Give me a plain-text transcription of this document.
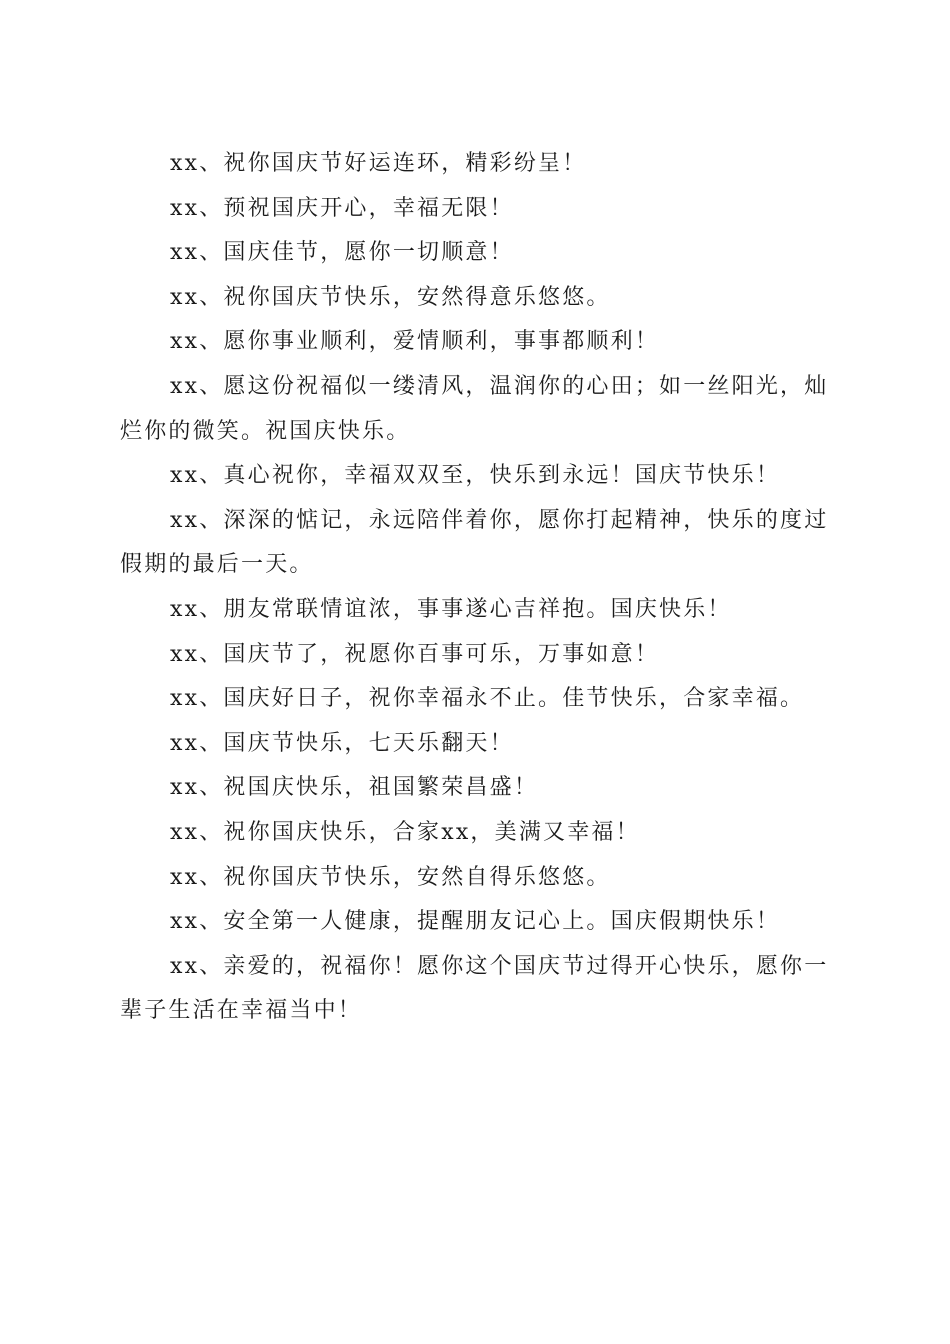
xx、祝你国庆节好运连环，精彩纷呈！

xx、预祝国庆开心，幸福无限！

xx、国庆佳节，愿你一切顺意！

xx、祝你国庆节快乐，安然得意乐悠悠。

xx、愿你事业顺利，爱情顺利，事事都顺利！

xx、愿这份祝福似一缕清风，温润你的心田；如一丝阳光，灿烂你的微笑。祝国庆快乐。

xx、真心祝你，幸福双双至，快乐到永远！国庆节快乐！

xx、深深的惦记，永远陪伴着你，愿你打起精神，快乐的度过假期的最后一天。

xx、朋友常联情谊浓，事事遂心吉祥抱。国庆快乐！

xx、国庆节了，祝愿你百事可乐，万事如意！

xx、国庆好日子，祝你幸福永不止。佳节快乐，合家幸福。

xx、国庆节快乐，七天乐翻天！

xx、祝国庆快乐，祖国繁荣昌盛！

xx、祝你国庆快乐，合家xx，美满又幸福！

xx、祝你国庆节快乐，安然自得乐悠悠。

xx、安全第一人健康，提醒朋友记心上。国庆假期快乐！

xx、亲爱的，祝福你！愿你这个国庆节过得开心快乐，愿你一辈子生活在幸福当中！
